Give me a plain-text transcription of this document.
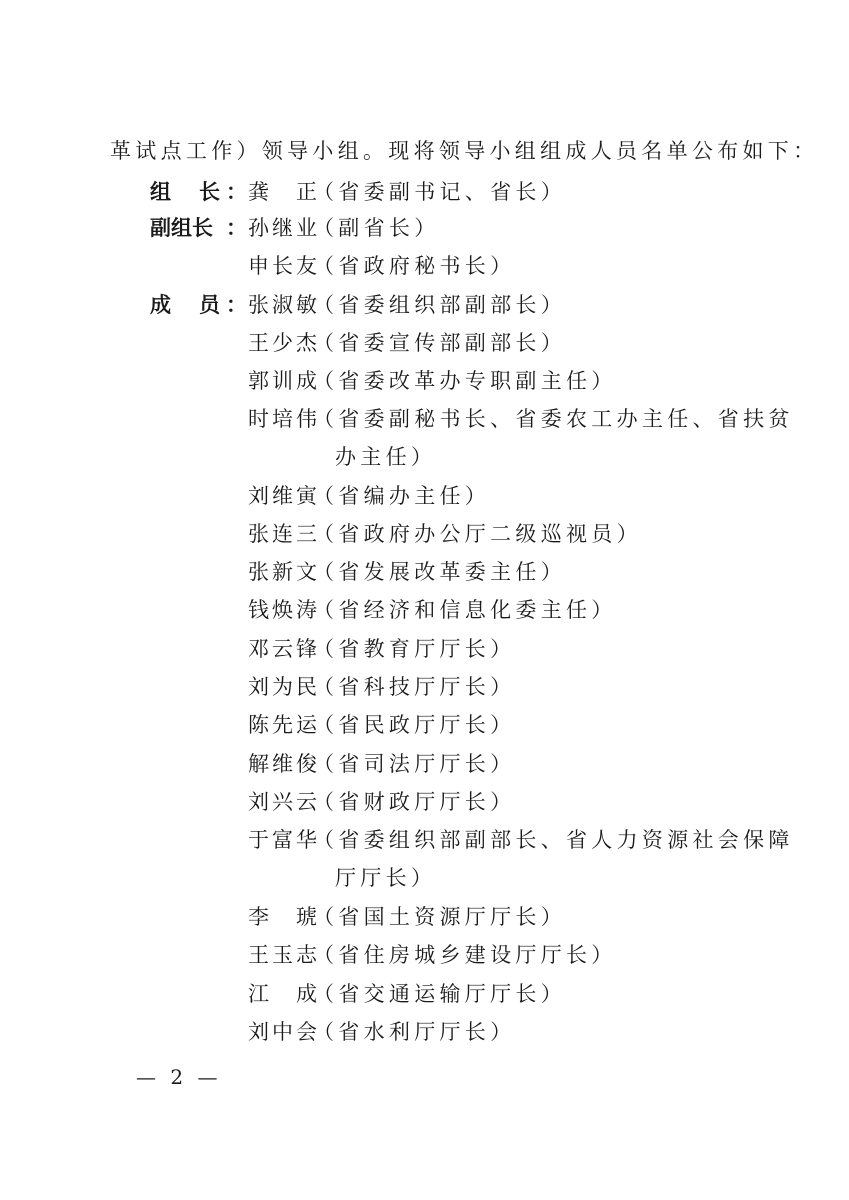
革试点工作）领导小组。现将领导小组组成人员名单公布如下：
组 长 ： 龚　正
（省委副书记、省长）
副组长 ： 孙继业
（副省长）
申长友
（省政府秘书长）
成 员 ： 张淑敏
（省委组织部副部长）
王少杰
（省委宣传部副部长）
郭训成
（省委改革办专职副主任）
时培伟
（省委副秘书长、省委农工办主任、省扶贫
办主任）
刘维寅
（省编办主任）
张连三
（省政府办公厅二级巡视员）
张新文
（省发展改革委主任）
钱焕涛
（省经济和信息化委主任）
邓云锋
（省教育厅厅长）
刘为民
（省科技厅厅长）
陈先运
（省民政厅厅长）
解维俊
（省司法厅厅长）
刘兴云
（省财政厅厅长）
于富华
（省委组织部副部长、省人力资源社会保障
厅厅长）
李　琥
（省国土资源厅厅长）
王玉志
（省住房城乡建设厅厅长）
江　成
（省交通运输厅厅长）
刘中会
（省水利厅厅长）
— 2 —
